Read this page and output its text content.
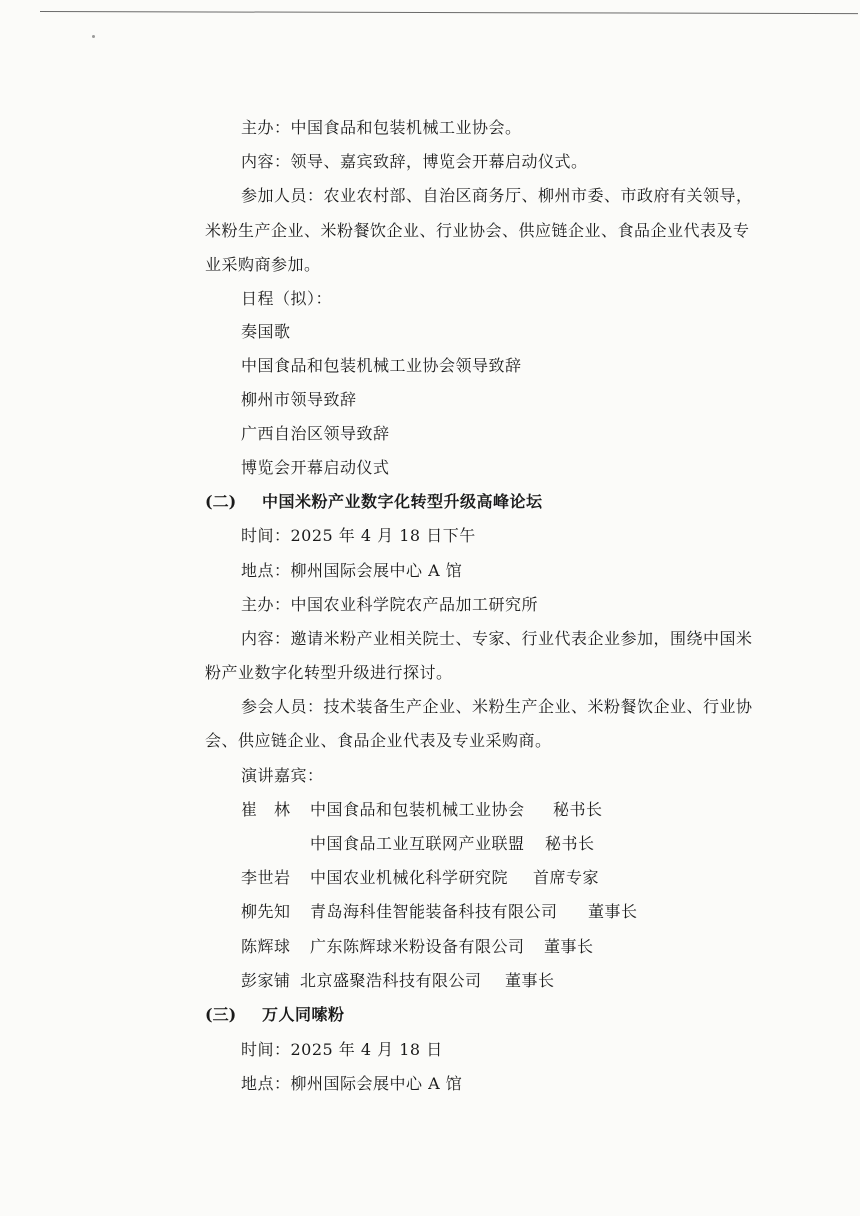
主办：中国食品和包装机械工业协会。
内容：领导、嘉宾致辞，博览会开幕启动仪式。
参加人员：农业农村部、自治区商务厅、柳州市委、市政府有关领导，
米粉生产企业、米粉餐饮企业、行业协会、供应链企业、食品企业代表及专
业采购商参加。
日程（拟）：
奏国歌
中国食品和包装机械工业协会领导致辞
柳州市领导致辞
广西自治区领导致辞
博览会开幕启动仪式
(二) 中国米粉产业数字化转型升级高峰论坛
时间：2025 年 4 月 18 日下午
地点：柳州国际会展中心 A 馆
主办：中国农业科学院农产品加工研究所
内容：邀请米粉产业相关院士、专家、行业代表企业参加，围绕中国米
粉产业数字化转型升级进行探讨。
参会人员：技术装备生产企业、米粉生产企业、米粉餐饮企业、行业协
会、供应链企业、食品企业代表及专业采购商。
演讲嘉宾：
崔　林 中国食品和包装机械工业协会 秘书长
中国食品工业互联网产业联盟 秘书长
李世岩 中国农业机械化科学研究院 首席专家
柳先知 青岛海科佳智能装备科技有限公司 董事长
陈辉球 广东陈辉球米粉设备有限公司 董事长
彭家铺 北京盛聚浩科技有限公司 董事长
(三) 万人同嗦粉
时间：2025 年 4 月 18 日
地点：柳州国际会展中心 A 馆
